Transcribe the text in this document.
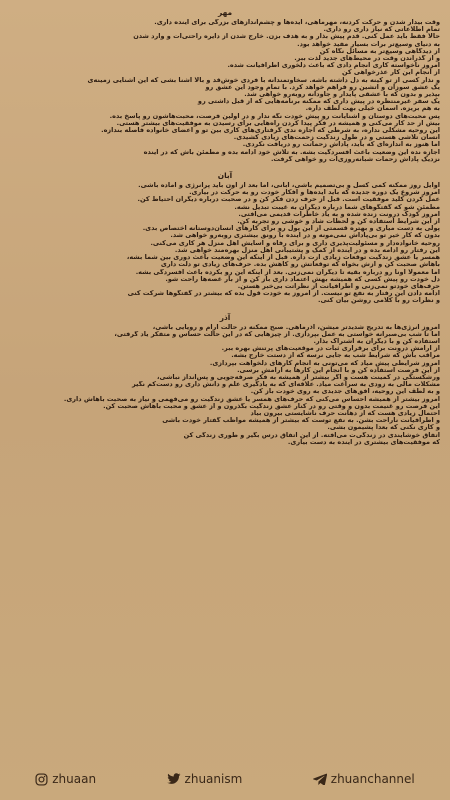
مهر
وقت بیدار شدن و حرکت کردنه، مهرماهی، ایده‌ها و چشم‌اندازهای بزرگی برای آینده داری.
تمام اطلاعاتی که نیاز داری رو داری.
حالا فقط باید عمل کنی. قدم پیش بذار و به هدف بزن. خارج شدن از دایره راحتی‌ات و وارد شدن
به دنیای وسیع‌تر برات بسیار مفید خواهد بود.
از دیدگاهی وسیع‌تر به مسائل نگاه کن
و از گذراندن وقت در محیط‌های جدید لذت ببر.
امروز ناخواسته کاری انجام دادی که باعث دلخوری اطرافیانت شده.
از انجام این کار عذرخواهی کن
و نذار کسی از تو کینه به دل داشته باشه. سخاوتمندانه با فردی خوش‌قد و بالا آشنا بشی که این آشنایی زمینه‌ی
یک عشق سوزان و آتشین رو فراهم خواهد کرد. با تمام وجود این عشق رو
بپذیر و بدون که با عشقی پایدار و جاودانه روبه‌رو خواهی شد.
یک سفر غیرمنتظره در پیش داری که ممکنه برنامه‌هایی که از قبل داشتی رو
به هم بریزه. آسمان خیلی بهت لطف داره.
پس محبت‌های دوستان و آشنایانت رو پیش خودت نگه ندار و در اولین فرصت، محبت‌هاشون رو پاسخ بده.
بیش از حد کار می‌کنی و همیشه در فکر پیدا کردن راه‌هایی برای رسیدن به موفقیت‌های بیشتر هستی.
این روحیه مشکلی نداره، به شرطی که اجازه ندی گرفتاری‌های کاری بین تو و اعضای خانواده فاصله بندازه.
انسان تلاشی هستی و در طول زندگیت زحمت‌های زیادی کشیدی.
اما هنوز به اندازه‌ای که باید، پاداش زحماتت رو دریافت نکردی.
اجازه نده این وضعیت باعث افسردگیت بشه. به تلاش خود ادامه بده و مطمئن باش که در آینده
نزدیک پاداش زحمات شبانه‌روزی‌ات رو خواهی گرفت.
آبان
اوایل روز ممکنه کمی کسل و بی‌تصمیم باشی، آبانی، اما بعد از اون باید پرانرژی و آماده باشی.
امروز شروع یک دوره جدیده که باید ایده‌ها و افکار خودت رو به حرکت در بیاری.
عمل کردن کلید موفقیت است. قبل از حرف زدن فکر کن و در صحبت درباره دیگران احتیاط کن.
مطمئن شو که گفتگوهای شما درباره دیگران به غیبت تبدیل نشه.
امروز کودک درونت زنده شده و به یاد خاطرات قدیمی می‌افتی.
از این شرایط استفاده کن و لحظات شاد و خوشی رو تجربه کن.
پولی به دست میاری و بهتره قسمتی از این پول رو برای کارهای انسان‌دوستانه اختصاص بدی.
بدون که کار خیر تو بی‌پاداش نمی‌مونه و در آینده با رونق بیشتری روبه‌رو خواهی شد.
روحیه خانواده‌دار و مسئولیت‌پذیری داری و برای رفاه و آسایش اهل منزل هر کاری می‌کنی.
این رفتار رو ادامه بده و در آینده از کمک و پشتیبانی اهل منزل بهره‌مند خواهی شد.
همسر یا عشق زندگیت توقعات زیادی ازت داره. قبل از اینکه این وضعیت باعث دوری بین شما بشه،
باهاش صحبت کن و ازش بخواه که توقعاتش رو کاهش بده. حرف‌های زیادی تو دلت داری
اما معمولاً اونا رو درباره بقیه تا دیگران نمی‌زنی. بعد از اینکه این رو بکرده باعث افسردگی بشه.
دل خودت رو پیش کسی که همیشه بهش اعتماد داری باز کن و از بار غصه‌ها راحت شو.
حرف‌های خودتو نمی‌زنی و اطرافیانت از نظراتت بی‌خبر هستن.
ادامه دادن این رفتار به نفع تو نیست. از امروز به خودت قول بده که بیشتر در گفتگوها شرکت کنی
و نظرات رو با کلامی روشن بیان کنی.
آذر
امروز انرژی‌ها به تدریج شدیدتر میشن، آذرماهی. صبح ممکنه در حالت آرام و رویایی باشی،
اما تا شب بی‌صبرانه خواستی به عمل بپردازی. از چیزهایی که در این حالت حساس و متفکر یاد گرفتی،
استفاده کن و با دیگران به اشتراک بذار.
از آرامش درونت برای برقراری ثبات در موقعیت‌های پرتنش بهره ببر.
مراقب باش که شرایط شب به جایی نرسه که از دستت خارج بشه.
امروز شرایطی پیش میاد که می‌تونی به انجام کارهای دلخواهت بپردازی.
از این فرصت استفاده کن و با انجام این کارها به آرامش برسی.
ورشکستگی در کمینت هست و اگر بیشتر از همیشه به فکر صرفه‌جویی و پس‌انداز نباشی،
مشکلات مالی به زودی به سراغت میاد. علاقه‌ای که به یادگیری علم و دانش داری رو دست‌کم نگیر
و به لطف این روحیه، افق‌های جدیدی به روی خودت باز کن.
امروز بیشتر از همیشه احساس می‌کنی که حرف‌های همسر یا عشق زندگیت رو می‌فهمی و نیاز به صحبت باهاش داری.
این فرصت رو غنیمت بدون و وقتی رو در کنار عشق زندگیت بگذرون و از عشق و محبت باهاش صحبت کن.
احتمال زیادی هست که از دهانت حرف ناشایستی بیرون بیاد
و اطرافیانت ناراحت بشن. به نفع توست که بیشتر از همیشه مواظب گفتار خودت باشی
و کاری نکنی که بعداً پشیمون بشی.
اتفاق خوشایندی در زندگی‌ت می‌افته. از این اتفاق درس بگیر و طوری زندگی کن
که موفقیت‌های بیشتری در آینده به دست بیاری.
zhuaan	zhuanism	zhuanchannel
